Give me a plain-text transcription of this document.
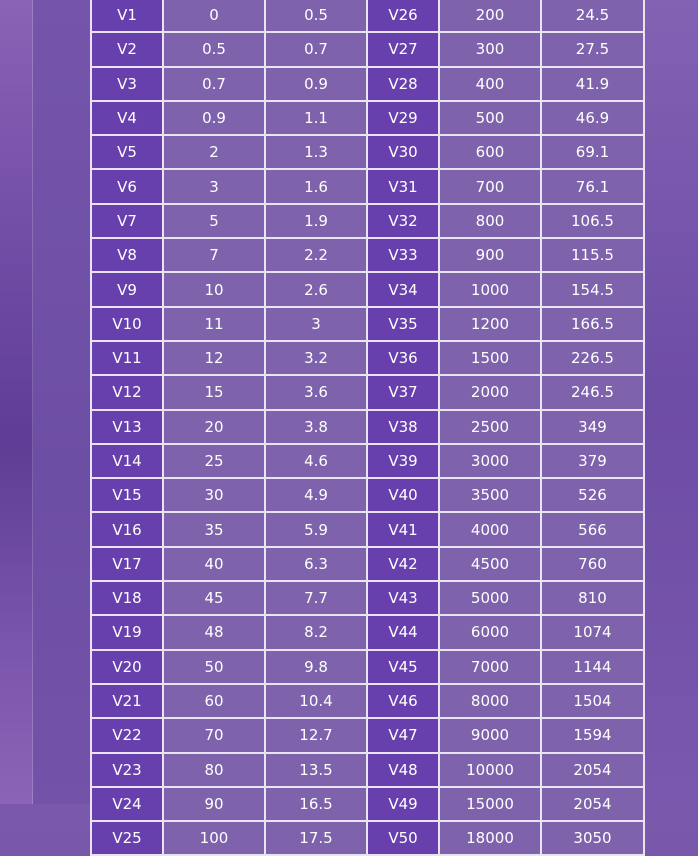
V1	0	0.5	V26	200	24.5
V2	0.5	0.7	V27	300	27.5
V3	0.7	0.9	V28	400	41.9
V4	0.9	1.1	V29	500	46.9
V5	2	1.3	V30	600	69.1
V6	3	1.6	V31	700	76.1
V7	5	1.9	V32	800	106.5
V8	7	2.2	V33	900	115.5
V9	10	2.6	V34	1000	154.5
V10	11	3	V35	1200	166.5
V11	12	3.2	V36	1500	226.5
V12	15	3.6	V37	2000	246.5
V13	20	3.8	V38	2500	349
V14	25	4.6	V39	3000	379
V15	30	4.9	V40	3500	526
V16	35	5.9	V41	4000	566
V17	40	6.3	V42	4500	760
V18	45	7.7	V43	5000	810
V19	48	8.2	V44	6000	1074
V20	50	9.8	V45	7000	1144
V21	60	10.4	V46	8000	1504
V22	70	12.7	V47	9000	1594
V23	80	13.5	V48	10000	2054
V24	90	16.5	V49	15000	2054
V25	100	17.5	V50	18000	3050
